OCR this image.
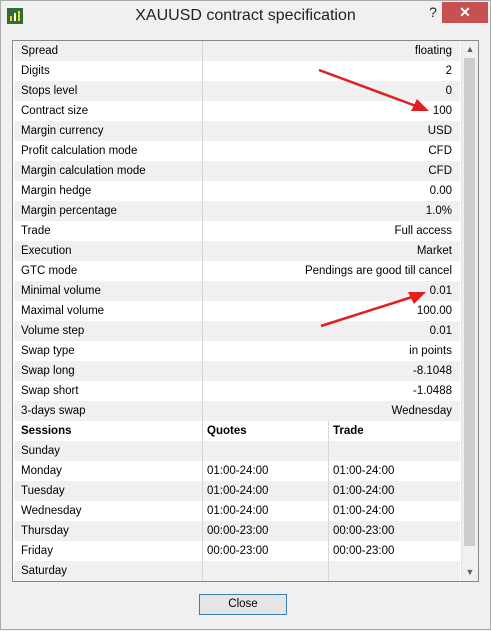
XAUUSD contract specification	?	✕
Spread	floating
Digits	2
Stops level	0
Contract size	100
Margin currency	USD
Profit calculation mode	CFD
Margin calculation mode	CFD
Margin hedge	0.00
Margin percentage	1.0%
Trade	Full access
Execution	Market
GTC mode	Pendings are good till cancel
Minimal volume	0.01
Maximal volume	100.00
Volume step	0.01
Swap type	in points
Swap long	-8.1048
Swap short	-1.0488
3-days swap	Wednesday
Sessions	Quotes	Trade
Sunday
Monday	01:00-24:00	01:00-24:00
Tuesday	01:00-24:00	01:00-24:00
Wednesday	01:00-24:00	01:00-24:00
Thursday	00:00-23:00	00:00-23:00
Friday	00:00-23:00	00:00-23:00
Saturday
▲
▼
Close
